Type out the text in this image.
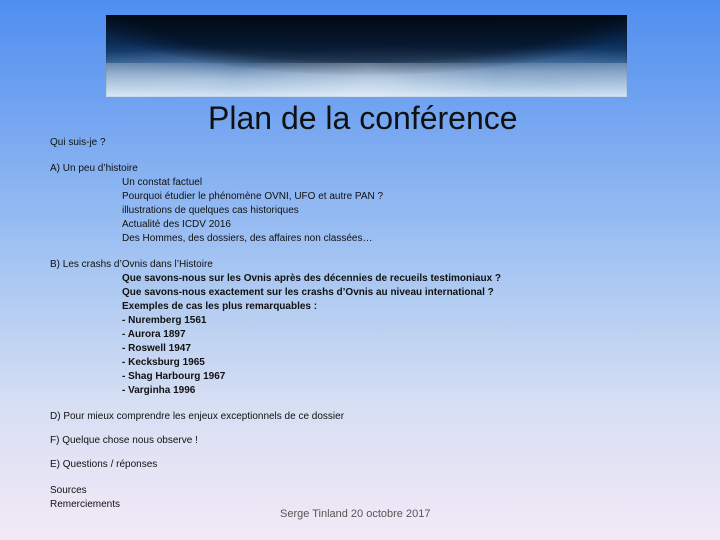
Plan de la conférence
Qui suis-je ?
A) Un peu d’histoire
Un constat factuel
Pourquoi étudier le phénomène OVNI, UFO et autre PAN ?
illustrations de quelques cas historiques
Actualité des ICDV 2016
Des Hommes, des dossiers, des affaires non classées…
B) Les crashs d’Ovnis dans l’Histoire
Que savons-nous sur les Ovnis après des décennies de recueils testimoniaux ?
Que savons-nous exactement sur les crashs d’Ovnis au niveau international ?
Exemples de cas les plus remarquables :
- Nuremberg 1561
- Aurora 1897
- Roswell 1947
- Kecksburg 1965
- Shag Harbourg 1967
- Varginha 1996
D) Pour mieux comprendre les enjeux exceptionnels de ce dossier
F) Quelque chose nous observe !
E) Questions / réponses
Sources
Remerciements
Serge Tinland 20 octobre 2017
